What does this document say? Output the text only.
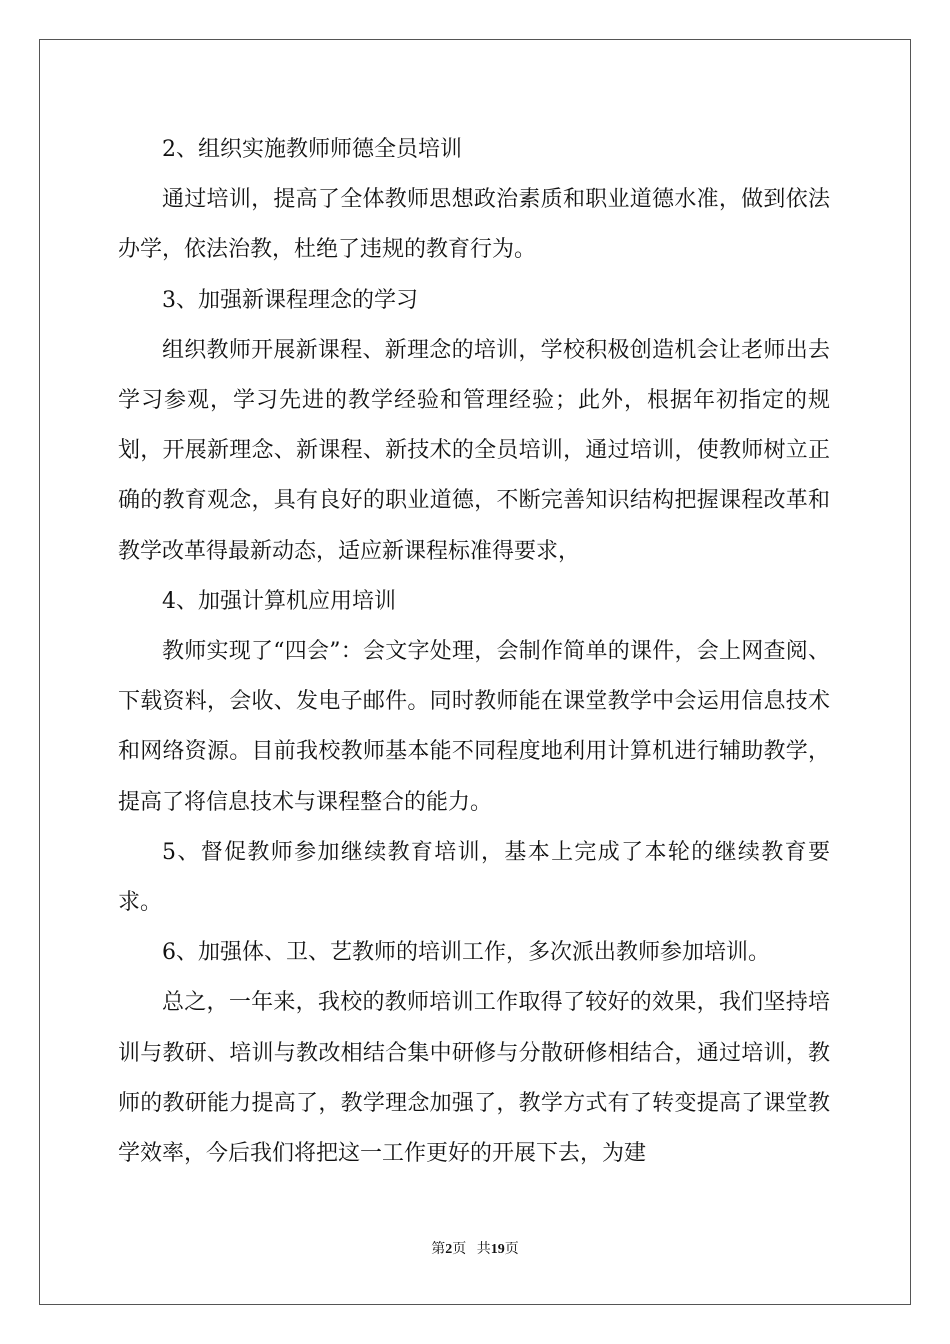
2、组织实施教师师德全员培训

通过培训，提高了全体教师思想政治素质和职业道德水准，做到依法办学，依法治教，杜绝了违规的教育行为。

3、加强新课程理念的学习

组织教师开展新课程、新理念的培训，学校积极创造机会让老师出去学习参观，学习先进的教学经验和管理经验；此外，根据年初指定的规划，开展新理念、新课程、新技术的全员培训，通过培训，使教师树立正确的教育观念，具有良好的职业道德，不断完善知识结构把握课程改革和教学改革得最新动态，适应新课程标准得要求，

4、加强计算机应用培训

教师实现了“四会”：会文字处理，会制作简单的课件，会上网查阅、下载资料，会收、发电子邮件。同时教师能在课堂教学中会运用信息技术和网络资源。目前我校教师基本能不同程度地利用计算机进行辅助教学，提高了将信息技术与课程整合的能力。

5、督促教师参加继续教育培训，基本上完成了本轮的继续教育要求。

6、加强体、卫、艺教师的培训工作，多次派出教师参加培训。

总之，一年来，我校的教师培训工作取得了较好的效果，我们坚持培训与教研、培训与教改相结合集中研修与分散研修相结合，通过培训，教师的教研能力提高了，教学理念加强了，教学方式有了转变提高了课堂教学效率，今后我们将把这一工作更好的开展下去，为建

第2页 共19页
